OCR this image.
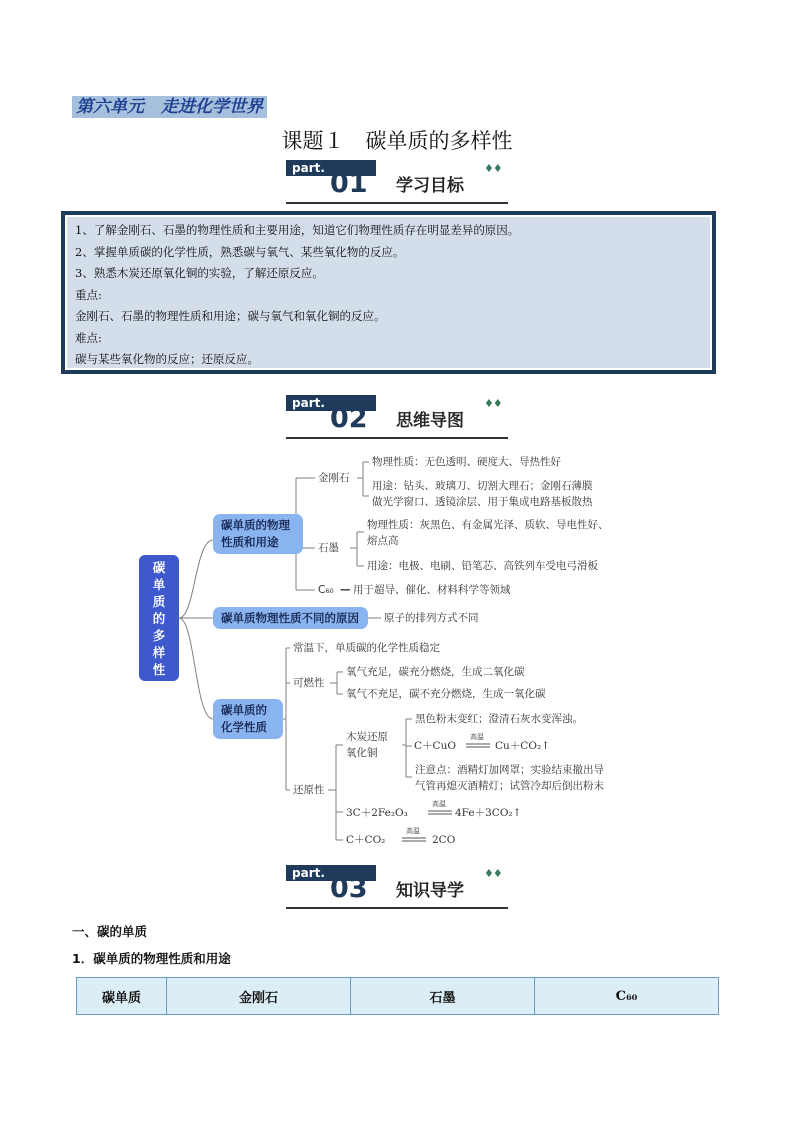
第六单元　走进化学世界
课题１　碳单质的多样性
part. 01 学习目标
♦♦
1、了解金刚石、石墨的物理性质和主要用途，知道它们物理性质存在明显差异的原因。
2、掌握单质碳的化学性质，熟悉碳与氧气、某些氧化物的反应。
3、熟悉木炭还原氧化铜的实验，了解还原反应。
重点:
金刚石、石墨的物理性质和用途；碳与氧气和氧化铜的反应。
难点:
碳与某些氧化物的反应；还原反应。
part. 02 思维导图
♦♦
碳单质的多样性
碳单质的物理性质和用途
碳单质物理性质不同的原因
碳单质的化学性质
金刚石
物理性质：无色透明、硬度大、导热性好
用途：钻头、玻璃刀、切割大理石；金刚石薄膜
做光学窗口、透镜涂层、用于集成电路基板散热
石墨
物理性质：灰黑色、有金属光泽、质软、导电性好、
熔点高
用途：电极、电刷、铅笔芯、高铁列车受电弓滑板
C₆₀ — 用于超导、催化、材料科学等领域
原子的排列方式不同
常温下，单质碳的化学性质稳定
可燃性
氧气充足，碳充分燃烧，生成二氧化碳
氧气不充足，碳不充分燃烧，生成一氧化碳
还原性
木炭还原
氧化铜
黑色粉末变红；澄清石灰水变浑浊。
C＋CuO
高温
Cu＋CO₂↑
注意点：酒精灯加网罩；实验结束撤出导
气管再熄灭酒精灯；试管冷却后倒出粉末
3C＋2Fe₂O₃
高温
4Fe＋3CO₂↑
C＋CO₂
高温
2CO
part. 03 知识导学
♦♦
一、碳的单质
1．碳单质的物理性质和用途
碳单质	金刚石	石墨	C₆₀
